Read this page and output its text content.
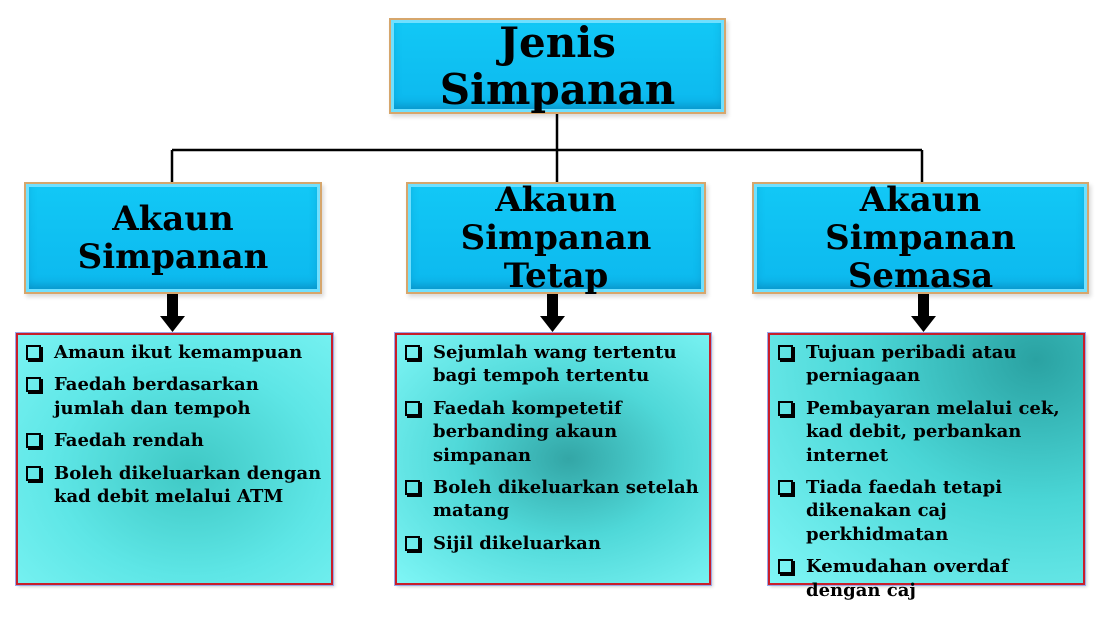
Jenis Simpanan
Akaun Simpanan
Akaun Simpanan Tetap
Akaun Simpanan Semasa
Amaun ikut kemampuan
Faedah berdasarkan jumlah dan tempoh
Faedah rendah
Boleh dikeluarkan dengan kad debit melalui ATM
Sejumlah wang tertentu bagi tempoh tertentu
Faedah kompetetif berbanding akaun simpanan
Boleh dikeluarkan setelah matang
Sijil dikeluarkan
Tujuan peribadi atau perniagaan
Pembayaran melalui cek, kad debit, perbankan internet
Tiada faedah tetapi dikenakan caj perkhidmatan
Kemudahan overdaf dengan caj
